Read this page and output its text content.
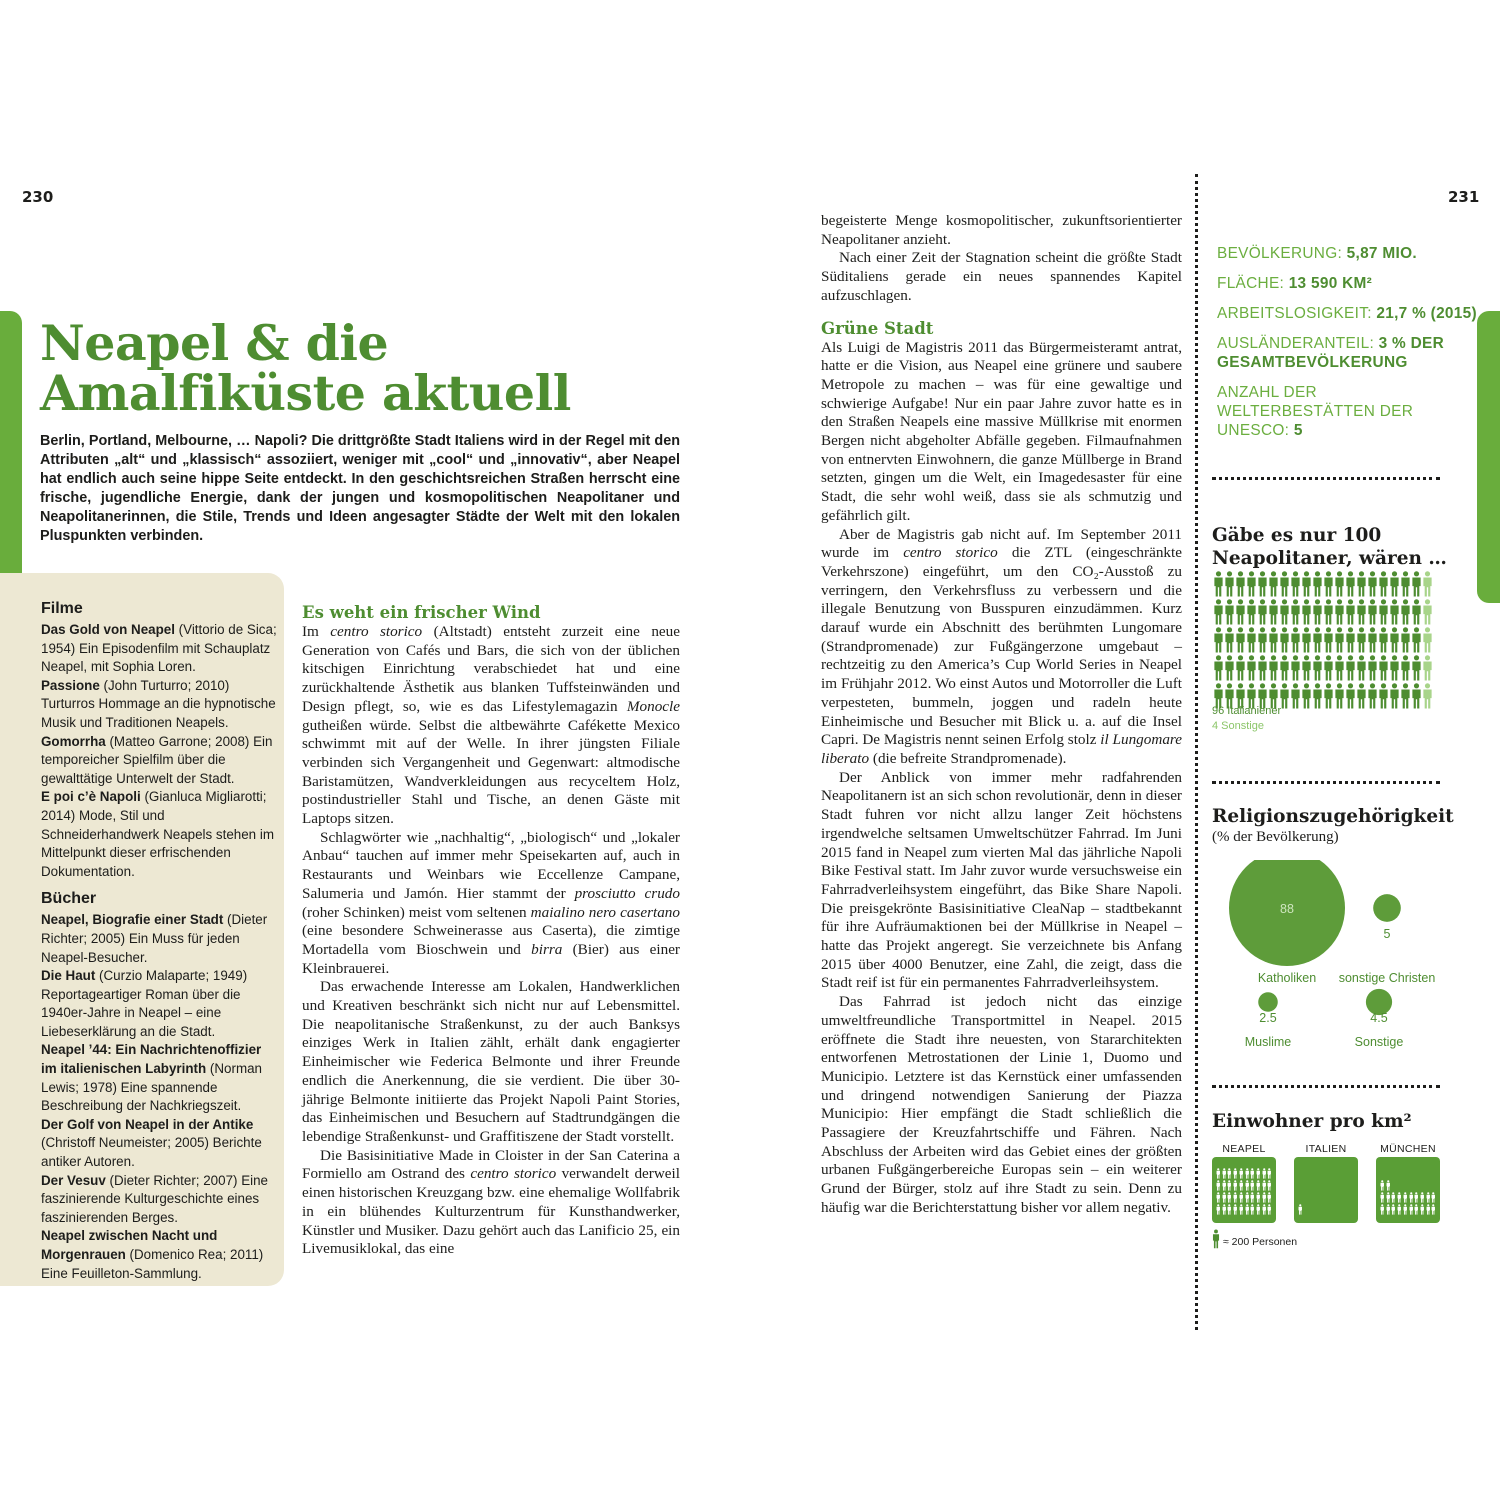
230	231
Neapel & die
Amalfiküste aktuell

Berlin, Portland, Melbourne, … Napoli? Die drittgrößte Stadt Italiens wird in der Regel mit den Attributen „alt“ und „klassisch“ assoziiert, weniger mit „cool“ und „innovativ“, aber Neapel hat endlich auch seine hippe Seite entdeckt. In den geschichtsreichen Straßen herrscht eine frische, jugendliche Energie, dank der jungen und kosmopolitischen Neapolitaner und Neapolitanerinnen, die Stile, Trends und Ideen angesagter Städte der Welt mit den lokalen Pluspunkten verbinden.

Filme
Das Gold von Neapel (Vittorio de Sica; 1954) Ein Episodenfilm mit Schauplatz Neapel, mit Sophia Loren.
Passione (John Turturro; 2010) Turturros Hommage an die hypnotische Musik und Traditionen Neapels.
Gomorrha (Matteo Garrone; 2008) Ein temporeicher Spielfilm über die gewalttätige Unterwelt der Stadt.
E poi c’è Napoli (Gianluca Migliarotti; 2014) Mode, Stil und Schneiderhandwerk Neapels stehen im Mittelpunkt dieser erfrischenden Dokumentation.
Bücher
Neapel, Biografie einer Stadt (Dieter Richter; 2005) Ein Muss für jeden Neapel-Besucher.
Die Haut (Curzio Malaparte; 1949) Reportageartiger Roman über die 1940er-Jahre in Neapel – eine Liebeserklärung an die Stadt.
Neapel ’44: Ein Nachrichtenoffizier im italienischen Labyrinth (Norman Lewis; 1978) Eine spannende Beschreibung der Nachkriegszeit.
Der Golf von Neapel in der Antike (Christoff Neumeister; 2005) Berichte antiker Autoren.
Der Vesuv (Dieter Richter; 2007) Eine faszinierende Kulturgeschichte eines faszinierenden Berges.
Neapel zwischen Nacht und Morgenrauen (Domenico Rea; 2011) Eine Feuilleton-Sammlung.
Es weht ein frischer Wind

Im centro storico (Altstadt) entsteht zurzeit eine neue Generation von Cafés und Bars, die sich von der üblichen kitschigen Einrichtung verabschiedet hat und eine zurückhaltende Ästhetik aus blanken Tuffsteinwänden und Design pflegt, so, wie es das Lifestylemagazin Monocle gutheißen würde. Selbst die altbewährte Cafékette Mexico schwimmt mit auf der Welle. In ihrer jüngsten Filiale verbinden sich Vergangenheit und Gegenwart: altmodische Baristamützen, Wandverkleidungen aus recyceltem Holz, postindustrieller Stahl und Tische, an denen Gäste mit Laptops sitzen.

Schlagwörter wie „nachhaltig“, „biologisch“ und „lokaler Anbau“ tauchen auf immer mehr Speisekarten auf, auch in Restaurants und Weinbars wie Eccellenze Campane, Salumeria und Jamón. Hier stammt der prosciutto crudo (roher Schinken) meist vom seltenen maialino nero casertano (eine besondere Schweinerasse aus Caserta), die zimtige Mortadella vom Bioschwein und birra (Bier) aus einer Kleinbrauerei.

Das erwachende Interesse am Lokalen, Handwerklichen und Kreativen beschränkt sich nicht nur auf Lebensmittel. Die neapolitanische Straßenkunst, zu der auch Banksys einziges Werk in Italien zählt, erhält dank engagierter Einheimischer wie Federica Belmonte und ihrer Freunde endlich die Anerkennung, die sie verdient. Die über 30-jährige Belmonte initiierte das Projekt Napoli Paint Stories, das Einheimischen und Besuchern auf Stadtrundgängen die lebendige Straßenkunst- und Graffitiszene der Stadt vorstellt.

Die Basisinitiative Made in Cloister in der San Caterina a Formiello am Ostrand des centro storico verwandelt derweil einen historischen Kreuzgang bzw. eine ehemalige Wollfabrik in ein blühendes Kulturzentrum für Kunsthandwerker, Künstler und Musiker. Dazu gehört auch das Lanificio 25, ein Livemusiklokal, das eine

begeisterte Menge kosmopolitischer, zukunftsorientierter Neapolitaner anzieht.

Nach einer Zeit der Stagnation scheint die größte Stadt Süditaliens gerade ein neues spannendes Kapitel aufzuschlagen.

Grüne Stadt

Als Luigi de Magistris 2011 das Bürgermeisteramt antrat, hatte er die Vision, aus Neapel eine grünere und saubere Metropole zu machen – was für eine gewaltige und schwierige Aufgabe! Nur ein paar Jahre zuvor hatte es in den Straßen Neapels eine massive Müllkrise mit enormen Bergen nicht abgeholter Abfälle gegeben. Filmaufnahmen von entnervten Einwohnern, die ganze Müllberge in Brand setzten, gingen um die Welt, ein Imagedesaster für eine Stadt, die sehr wohl weiß, dass sie als schmutzig und gefährlich gilt.

Aber de Magistris gab nicht auf. Im September 2011 wurde im centro storico die ZTL (eingeschränkte Verkehrszone) eingeführt, um den CO₂-Ausstoß zu verringern, den Verkehrsfluss zu verbessern und die illegale Benutzung von Busspuren einzudämmen. Kurz darauf wurde ein Abschnitt des berühmten Lungomare (Strandpromenade) zur Fußgängerzone umgebaut – rechtzeitig zu den America’s Cup World Series in Neapel im Frühjahr 2012. Wo einst Autos und Motorroller die Luft verpesteten, bummeln, joggen und radeln heute Einheimische und Besucher mit Blick u. a. auf die Insel Capri. De Magistris nennt seinen Erfolg stolz il Lungomare liberato (die befreite Strandpromenade).

Der Anblick von immer mehr radfahrenden Neapolitanern ist an sich schon revolutionär, denn in dieser Stadt fuhren vor nicht allzu langer Zeit höchstens irgendwelche seltsamen Umweltschützer Fahrrad. Im Juni 2015 fand in Neapel zum vierten Mal das jährliche Napoli Bike Festival statt. Im Jahr zuvor wurde versuchsweise ein Fahrradverleihsystem eingeführt, das Bike Share Napoli. Die preisgekrönte Basisinitiative CleaNap – stadtbekannt für ihre Aufräumaktionen bei der Müllkrise in Neapel – hatte das Projekt angeregt. Sie verzeichnete bis Anfang 2015 über 4000 Benutzer, eine Zahl, die zeigt, dass die Stadt reif ist für ein permanentes Fahrradverleihsystem.

Das Fahrrad ist jedoch nicht das einzige umweltfreundliche Transportmittel in Neapel. 2015 eröffnete die Stadt ihre neuesten, von Stararchitekten entworfenen Metrostationen der Linie 1, Duomo und Municipio. Letztere ist das Kernstück einer umfassenden und dringend notwendigen Sanierung der Piazza Municipio: Hier empfängt die Stadt schließlich die Passagiere der Kreuzfahrtschiffe und Fähren. Nach Abschluss der Arbeiten wird das Gebiet eines der größten urbanen Fußgängerbereiche Europas sein – ein weiterer Grund der Bürger, stolz auf ihre Stadt zu sein. Denn zu häufig war die Berichterstattung bisher vor allem negativ.

BEVÖLKERUNG: 5,87 MIO.
FLÄCHE: 13 590 KM²
ARBEITSLOSIGKEIT: 21,7 % (2015)
AUSLÄNDERANTEIL: 3 % DER GESAMTBEVÖLKERUNG
ANZAHL DER WELTERBESTÄTTEN DER UNESCO: 5
Gäbe es nur 100
Neapolitaner, wären …
96 Italianiener
4 Sonstige
Religionszugehörigkeit
(% der Bevölkerung)
88
Katholiken
5
sonstige Christen
2.5
Muslime
4.5
Sonstige
Einwohner pro km²
NEAPEL	ITALIEN	MÜNCHEN
≈ 200 Personen
